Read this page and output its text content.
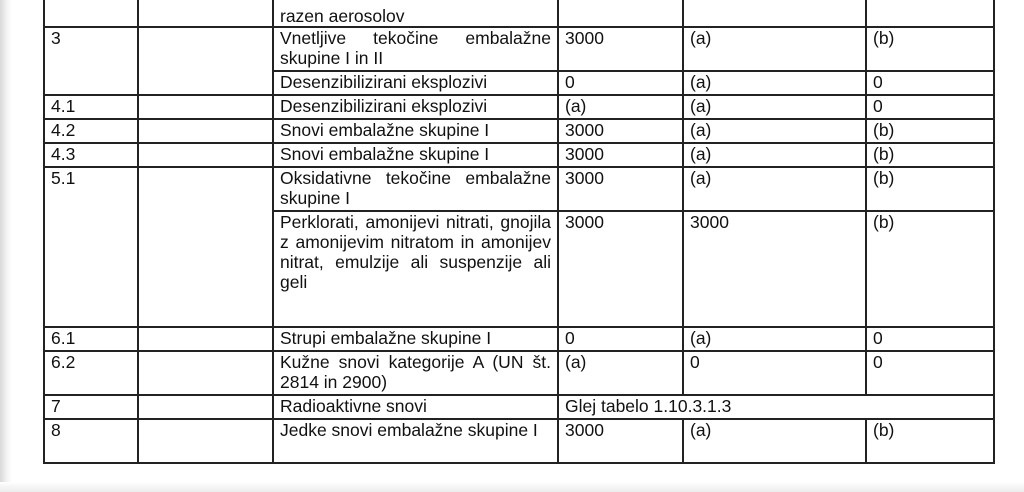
		razen aerosolov			
3		Vnetljive tekočine embalažne skupine I in II	3000	(a)	(b)
		Desenzibilizirani eksplozivi	0	(a)	0
4.1		Desenzibilizirani eksplozivi	(a)	(a)	0
4.2		Snovi embalažne skupine I	3000	(a)	(b)
4.3		Snovi embalažne skupine I	3000	(a)	(b)
5.1		Oksidativne tekočine embalažne skupine I	3000	(a)	(b)
		Perklorati, amonijevi nitrati, gnojila z amonijevim nitratom in amonijev nitrat, emulzije ali suspenzije ali geli	3000	3000	(b)
6.1		Strupi embalažne skupine I	0	(a)	0
6.2		Kužne snovi kategorije A (UN št. 2814 in 2900)	(a)	0	0
7		Radioaktivne snovi	Glej tabelo 1.10.3.1.3		
8		Jedke snovi embalažne skupine I	3000	(a)	(b)
